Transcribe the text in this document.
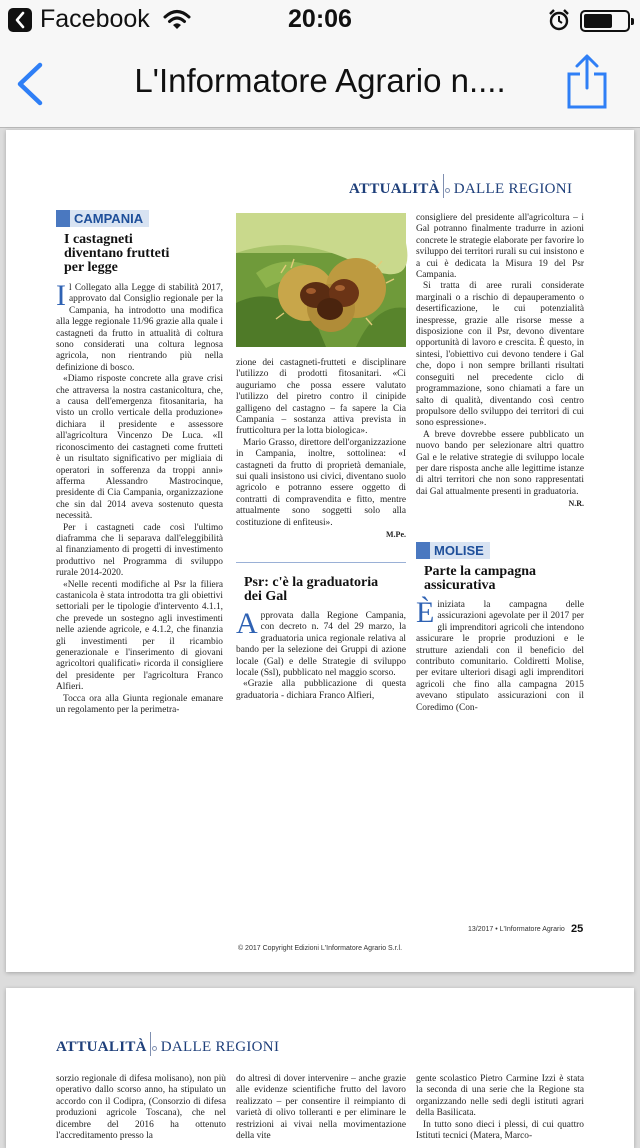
Facebook	20:06
L'Informatore Agrario n....
ATTUALITÀ DALLE REGIONI
CAMPANIA
I castagneti
diventano frutteti
per legge

Il Collegato alla Legge di stabilità 2017, approvato dal Consiglio regionale per la Campania, ha introdotto una modifica alla legge regionale 11/96 grazie alla quale i castagneti da frutto in attualità di coltura sono considerati una coltura legnosa agricola, non rientrando più nella definizione di bosco.

«Diamo risposte concrete alla grave crisi che attraversa la nostra castanicoltura, che, a causa dell'emergenza fitosanitaria, ha visto un crollo verticale della produzione» dichiara il presidente e assessore all'agricoltura Vincenzo De Luca. «Il riconoscimento dei castagneti come frutteti è un risultato significativo per migliaia di operatori in sofferenza da troppi anni» afferma Alessandro Mastrocinque, presidente di Cia Campania, organizzazione che sin dal 2014 aveva sostenuto questa necessità.

Per i castagneti cade così l'ultimo diaframma che li separava dall'eleggibilità al finanziamento di progetti di investimento produttivo nel Programma di sviluppo rurale 2014-2020.

«Nelle recenti modifiche al Psr la filiera castanicola è stata introdotta tra gli obiettivi settoriali per le tipologie d'intervento 4.1.1, che prevede un sostegno agli investimenti nelle aziende agricole, e 4.1.2, che finanzia gli investimenti per il ricambio generazionale e l'inserimento di giovani agricoltori qualificati» ricorda il consigliere del presidente per l'agricoltura Franco Alfieri.

Tocca ora alla Giunta regionale emanare un regolamento per la perimetra-

zione dei castagneti-frutteti e disciplinare l'utilizzo di prodotti fitosanitari. «Ci auguriamo che possa essere valutato l'utilizzo del piretro contro il cinipide galligeno del castagno – fa sapere la Cia Campania – sostanza attiva prevista in frutticoltura per la lotta biologica».

Mario Grasso, direttore dell'organizzazione in Campania, inoltre, sottolinea: «I castagneti da frutto di proprietà demaniale, sui quali insistono usi civici, diventano suolo agricolo e potranno essere oggetto di contratti di compravendita e fitto, mentre attualmente sono soggetti solo alla costituzione di enfiteusi».

M.Pe.
Psr: c'è la graduatoria
dei Gal

Approvata dalla Regione Campania, con decreto n. 74 del 29 marzo, la graduatoria unica regionale relativa al bando per la selezione dei Gruppi di azione locale (Gal) e delle Strategie di sviluppo locale (Ssl), pubblicato nel maggio scorso.

«Grazie alla pubblicazione di questa graduatoria - dichiara Franco Alfieri,

consigliere del presidente all'agricoltura – i Gal potranno finalmente tradurre in azioni concrete le strategie elaborate per favorire lo sviluppo dei territori rurali su cui insistono e a cui è dedicata la Misura 19 del Psr Campania.

Si tratta di aree rurali considerate marginali o a rischio di depauperamento o desertificazione, le cui potenzialità inespresse, grazie alle risorse messe a disposizione con il Psr, devono diventare opportunità di lavoro e crescita. È questo, in sintesi, l'obiettivo cui devono tendere i Gal che, dopo i non sempre brillanti risultati conseguiti nel precedente ciclo di programmazione, sono chiamati a fare un salto di qualità, diventando così centro propulsore dello sviluppo dei territori di cui sono espressione».

A breve dovrebbe essere pubblicato un nuovo bando per selezionare altri quattro Gal e le relative strategie di sviluppo locale per dare risposta anche alle legittime istanze di altri territori che non sono rappresentati dai Gal attualmente presenti in graduatoria.

N.R.
MOLISE
Parte la campagna
assicurativa

Èiniziata la campagna delle assicurazioni agevolate per il 2017 per gli imprenditori agricoli che intendono assicurare le proprie produzioni e le strutture aziendali con il beneficio del contributo comunitario. Coldiretti Molise, per evitare ulteriori disagi agli imprenditori agricoli che fino alla campagna 2015 avevano stipulato assicurazioni con il Coredimo (Con-

13/2017 • L'Informatore Agrario 25
© 2017 Copyright Edizioni L'Informatore Agrario S.r.l.
ATTUALITÀ DALLE REGIONI

sorzio regionale di difesa molisano), non più operativo dallo scorso anno, ha stipulato un accordo con il Codipra, (Consorzio di difesa produzioni agricole Toscana), che nel dicembre del 2016 ha ottenuto l'accreditamento presso la

do altresì di dover intervenire – anche grazie alle evidenze scientifiche frutto del lavoro realizzato – per consentire il reimpianto di varietà di olivo tolleranti e per eliminare le restrizioni ai vivai nella movimentazione della vite

gente scolastico Pietro Carmine Izzi è stata la seconda di una serie che la Regione sta organizzando nelle sedi degli istituti agrari della Basilicata.

In tutto sono dieci i plessi, di cui quattro Istituti tecnici (Matera, Marco-
